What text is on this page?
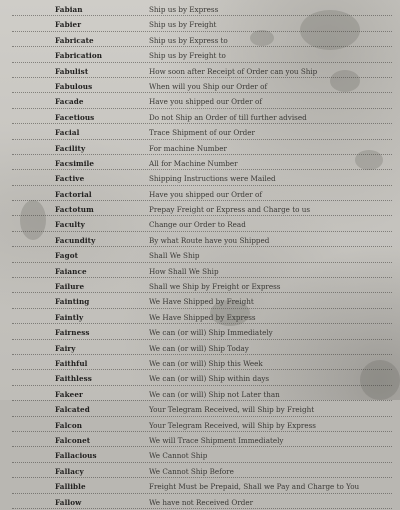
Fabian	Ship us by Express
Fabier	Ship us by Freight
Fabricate	Ship us by Express to
Fabrication	Ship us by Freight to
Fabulist	How soon after Receipt of Order can you Ship
Fabulous	When will you Ship our Order of
Facade	Have you shipped our Order of
Facetious	Do not Ship an Order of till further advised
Facial	Trace Shipment of our Order
Facility	For machine Number
Facsimile	All for Machine Number
Factive	Shipping Instructions were Mailed
Factorial	Have you shipped our Order of
Factotum	Prepay Freight or Express and Charge to us
Faculty	Change our Order to Read
Facundity	By what Route have you Shipped
Fagot	Shall We Ship
Faiance	How Shall We Ship
Failure	Shall we Ship by Freight or Express
Fainting	We Have Shipped by Freight
Faintly	We Have Shipped by Express
Fairness	We can (or will) Ship Immediately
Fairy	We can (or will) Ship Today
Faithful	We can (or will) Ship this Week
Faithless	We can (or will) Ship within days
Fakeer	We can (or will) Ship not Later than
Falcated	Your Telegram Received, will Ship by Freight
Falcon	Your Telegram Received, will Ship by Express
Falconet	We will Trace Shipment Immediately
Fallacious	We Cannot Ship
Fallacy	We Cannot Ship Before
Fallible	Freight Must be Prepaid, Shall we Pay and Charge to You
Fallow	We have not Received Order
